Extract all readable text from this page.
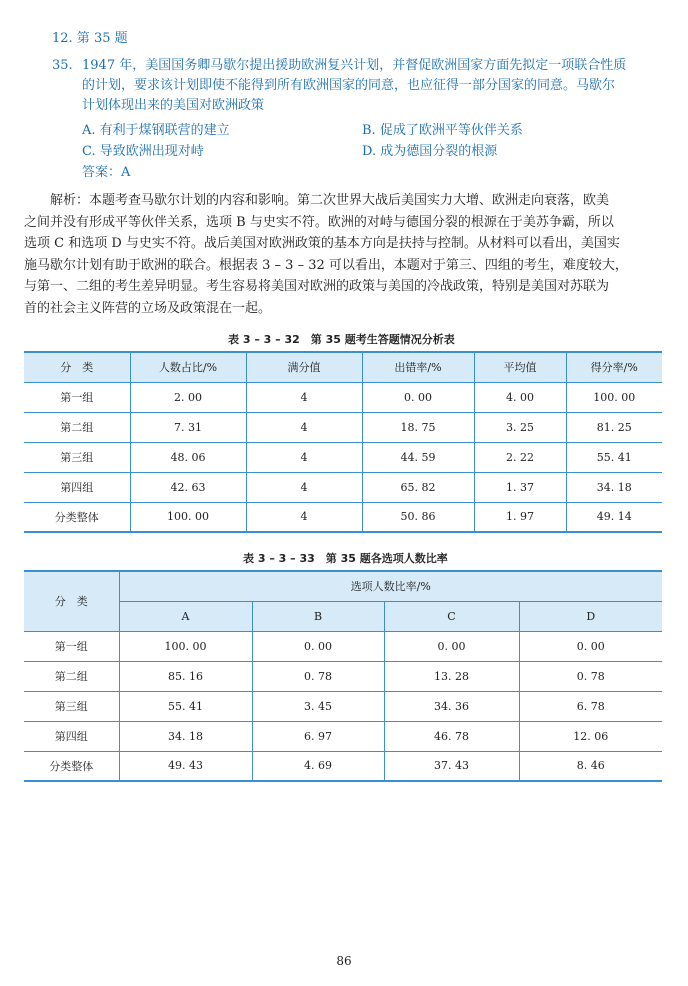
12. 第 35 题
35. 1947 年，美国国务卿马歇尔提出援助欧洲复兴计划，并督促欧洲国家方面先拟定一项联合性质
的计划，要求该计划即使不能得到所有欧洲国家的同意，也应征得一部分国家的同意。马歇尔
计划体现出来的美国对欧洲政策
A. 有利于煤钢联营的建立	B. 促成了欧洲平等伙伴关系
C. 导致欧洲出现对峙	D. 成为德国分裂的根源
答案：A
　　解析：本题考查马歇尔计划的内容和影响。第二次世界大战后美国实力大增、欧洲走向衰落，欧美
之间并没有形成平等伙伴关系，选项 B 与史实不符。欧洲的对峙与德国分裂的根源在于美苏争霸，所以
选项 C 和选项 D 与史实不符。战后美国对欧洲政策的基本方向是扶持与控制。从材料可以看出，美国实
施马歇尔计划有助于欧洲的联合。根据表 3 – 3 – 32 可以看出，本题对于第三、四组的考生，难度较大，
与第一、二组的考生差异明显。考生容易将美国对欧洲的政策与美国的冷战政策，特别是美国对苏联为
首的社会主义阵营的立场及政策混在一起。
表 3 – 3 – 32　第 35 题考生答题情况分析表
分　类	人数占比/%	满分值	出错率/%	平均值	得分率/%
第一组	2. 00	4	0. 00	4. 00	100. 00
第二组	7. 31	4	18. 75	3. 25	81. 25
第三组	48. 06	4	44. 59	2. 22	55. 41
第四组	42. 63	4	65. 82	1. 37	34. 18
分类整体	100. 00	4	50. 86	1. 97	49. 14
表 3 – 3 – 33　第 35 题各选项人数比率
分　类	选项人数比率/%			
	A	B	C	D
第一组	100. 00	0. 00	0. 00	0. 00
第二组	85. 16	0. 78	13. 28	0. 78
第三组	55. 41	3. 45	34. 36	6. 78
第四组	34. 18	6. 97	46. 78	12. 06
分类整体	49. 43	4. 69	37. 43	8. 46
86
